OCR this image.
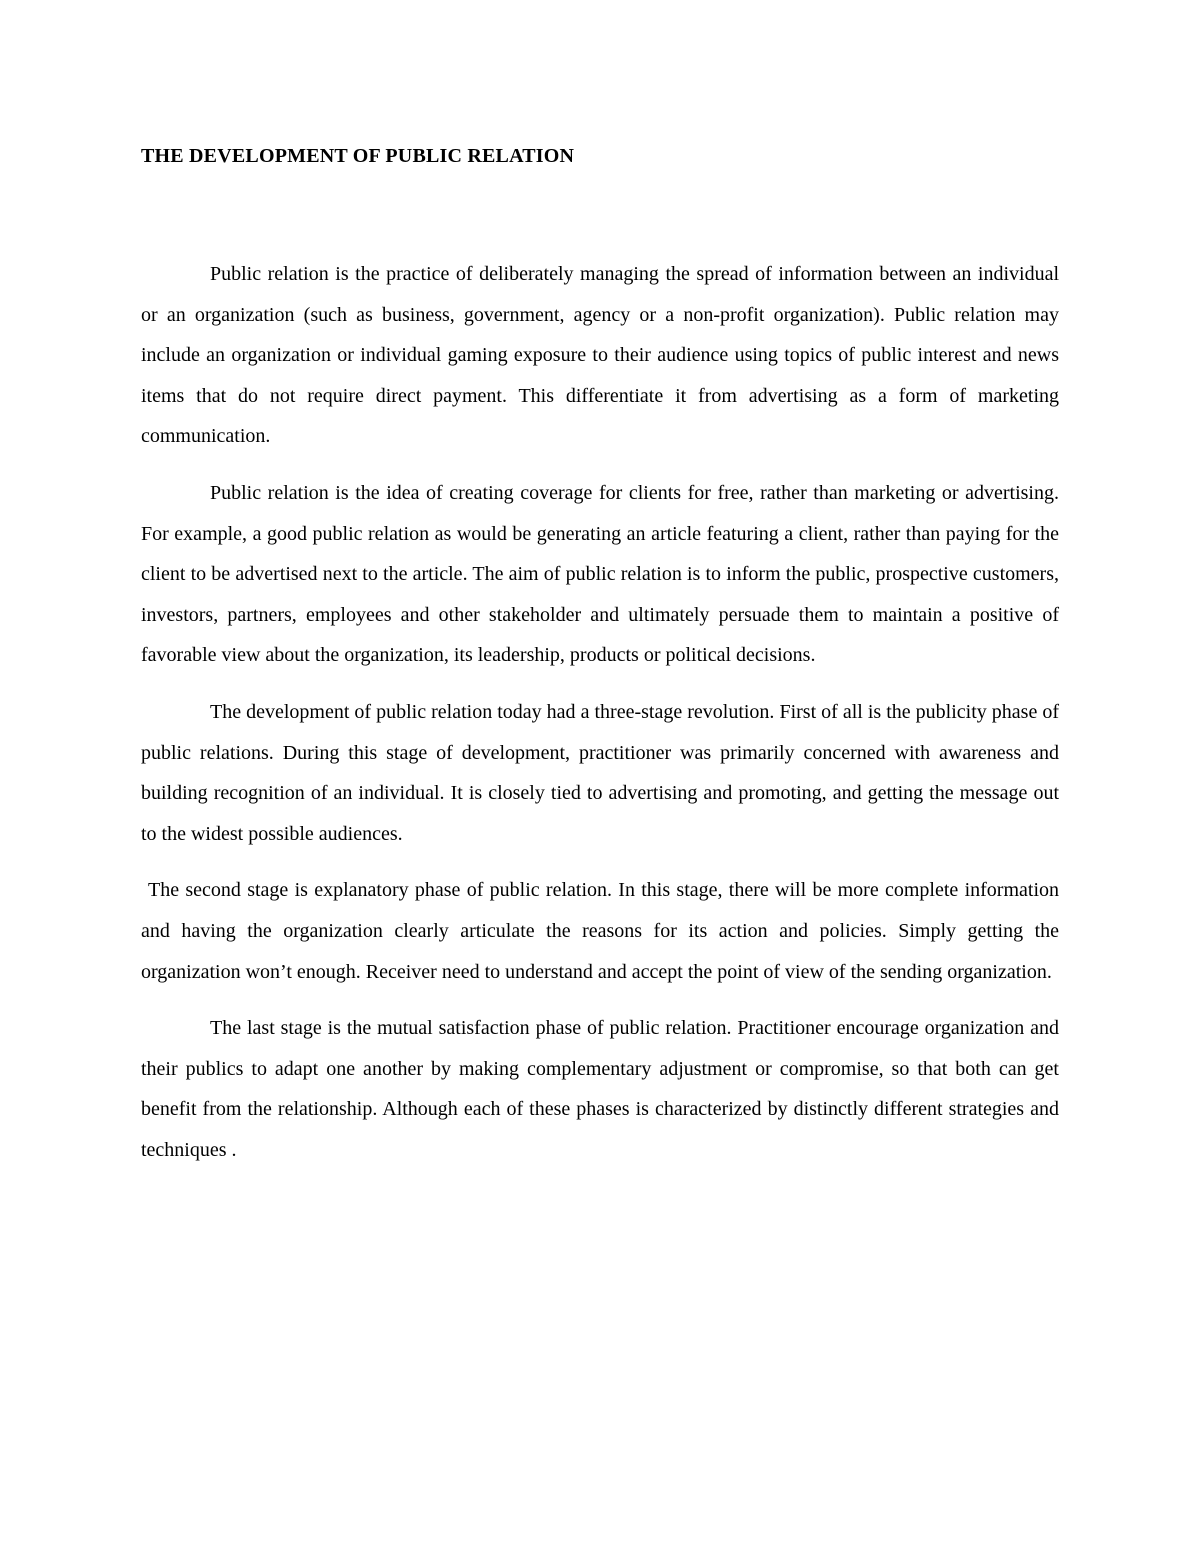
THE DEVELOPMENT OF PUBLIC RELATION

Public relation is the practice of deliberately managing the spread of information between an individual or an organization (such as business, government, agency or a non-profit organization). Public relation may include an organization or individual gaming exposure to their audience using topics of public interest and news items that do not require direct payment. This differentiate it from advertising as a form of marketing communication.

Public relation is the idea of creating coverage for clients for free, rather than marketing or advertising. For example, a good public relation as would be generating an article featuring a client, rather than paying for the client to be advertised next to the article. The aim of public relation is to inform the public, prospective customers, investors, partners, employees and other stakeholder and ultimately persuade them to maintain a positive of favorable view about the organization, its leadership, products or political decisions.

The development of public relation today had a three-stage revolution. First of all is the publicity phase of public relations. During this stage of development, practitioner was primarily concerned with awareness and building recognition of an individual. It is closely tied to advertising and promoting, and getting the message out to the widest possible audiences.

The second stage is explanatory phase of public relation. In this stage, there will be more complete information and having the organization clearly articulate the reasons for its action and policies. Simply getting the organization won’t enough. Receiver need to understand and accept the point of view of the sending organization.

The last stage is the mutual satisfaction phase of public relation. Practitioner encourage organization and their publics to adapt one another by making complementary adjustment or compromise, so that both can get benefit from the relationship. Although each of these phases is characterized by distinctly different strategies and techniques .
